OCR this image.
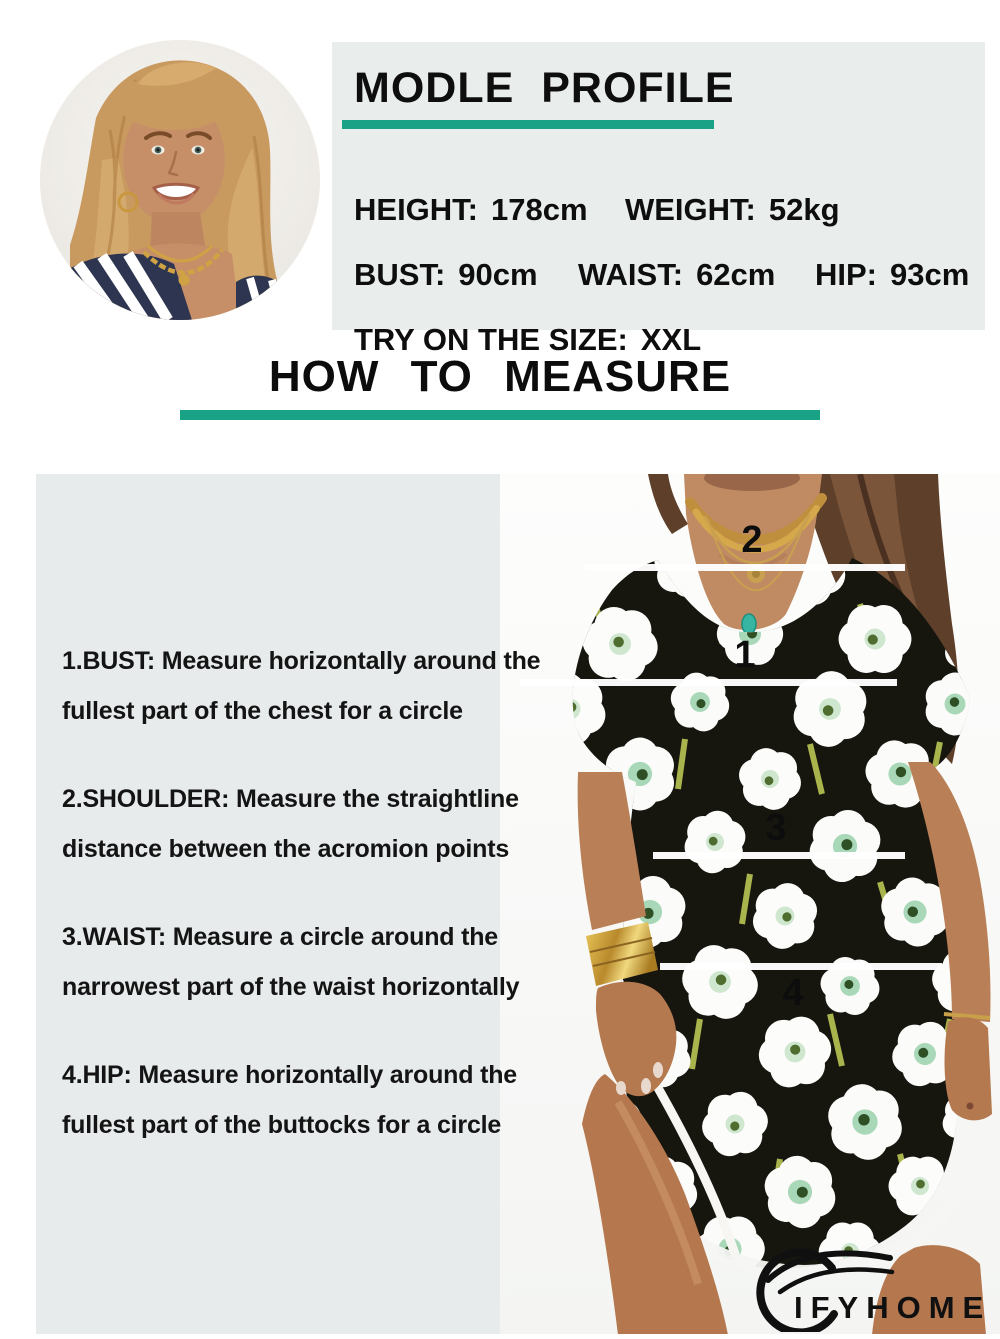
MODLE PROFILE
HEIGHT: 178cm WEIGHT: 52kg
BUST: 90cm WAIST: 62cm HIP: 93cm
TRY ON THE SIZE: XXL
HOW TO MEASURE
2
1
3
4

1.BUST: Measure horizontally around the

fullest part of the chest for a circle

2.SHOULDER: Measure the straightline

distance between the acromion points

3.WAIST: Measure a circle around the

narrowest part of the waist horizontally

4.HIP: Measure horizontally around the

fullest part of the buttocks for a circle

IFYHOME
